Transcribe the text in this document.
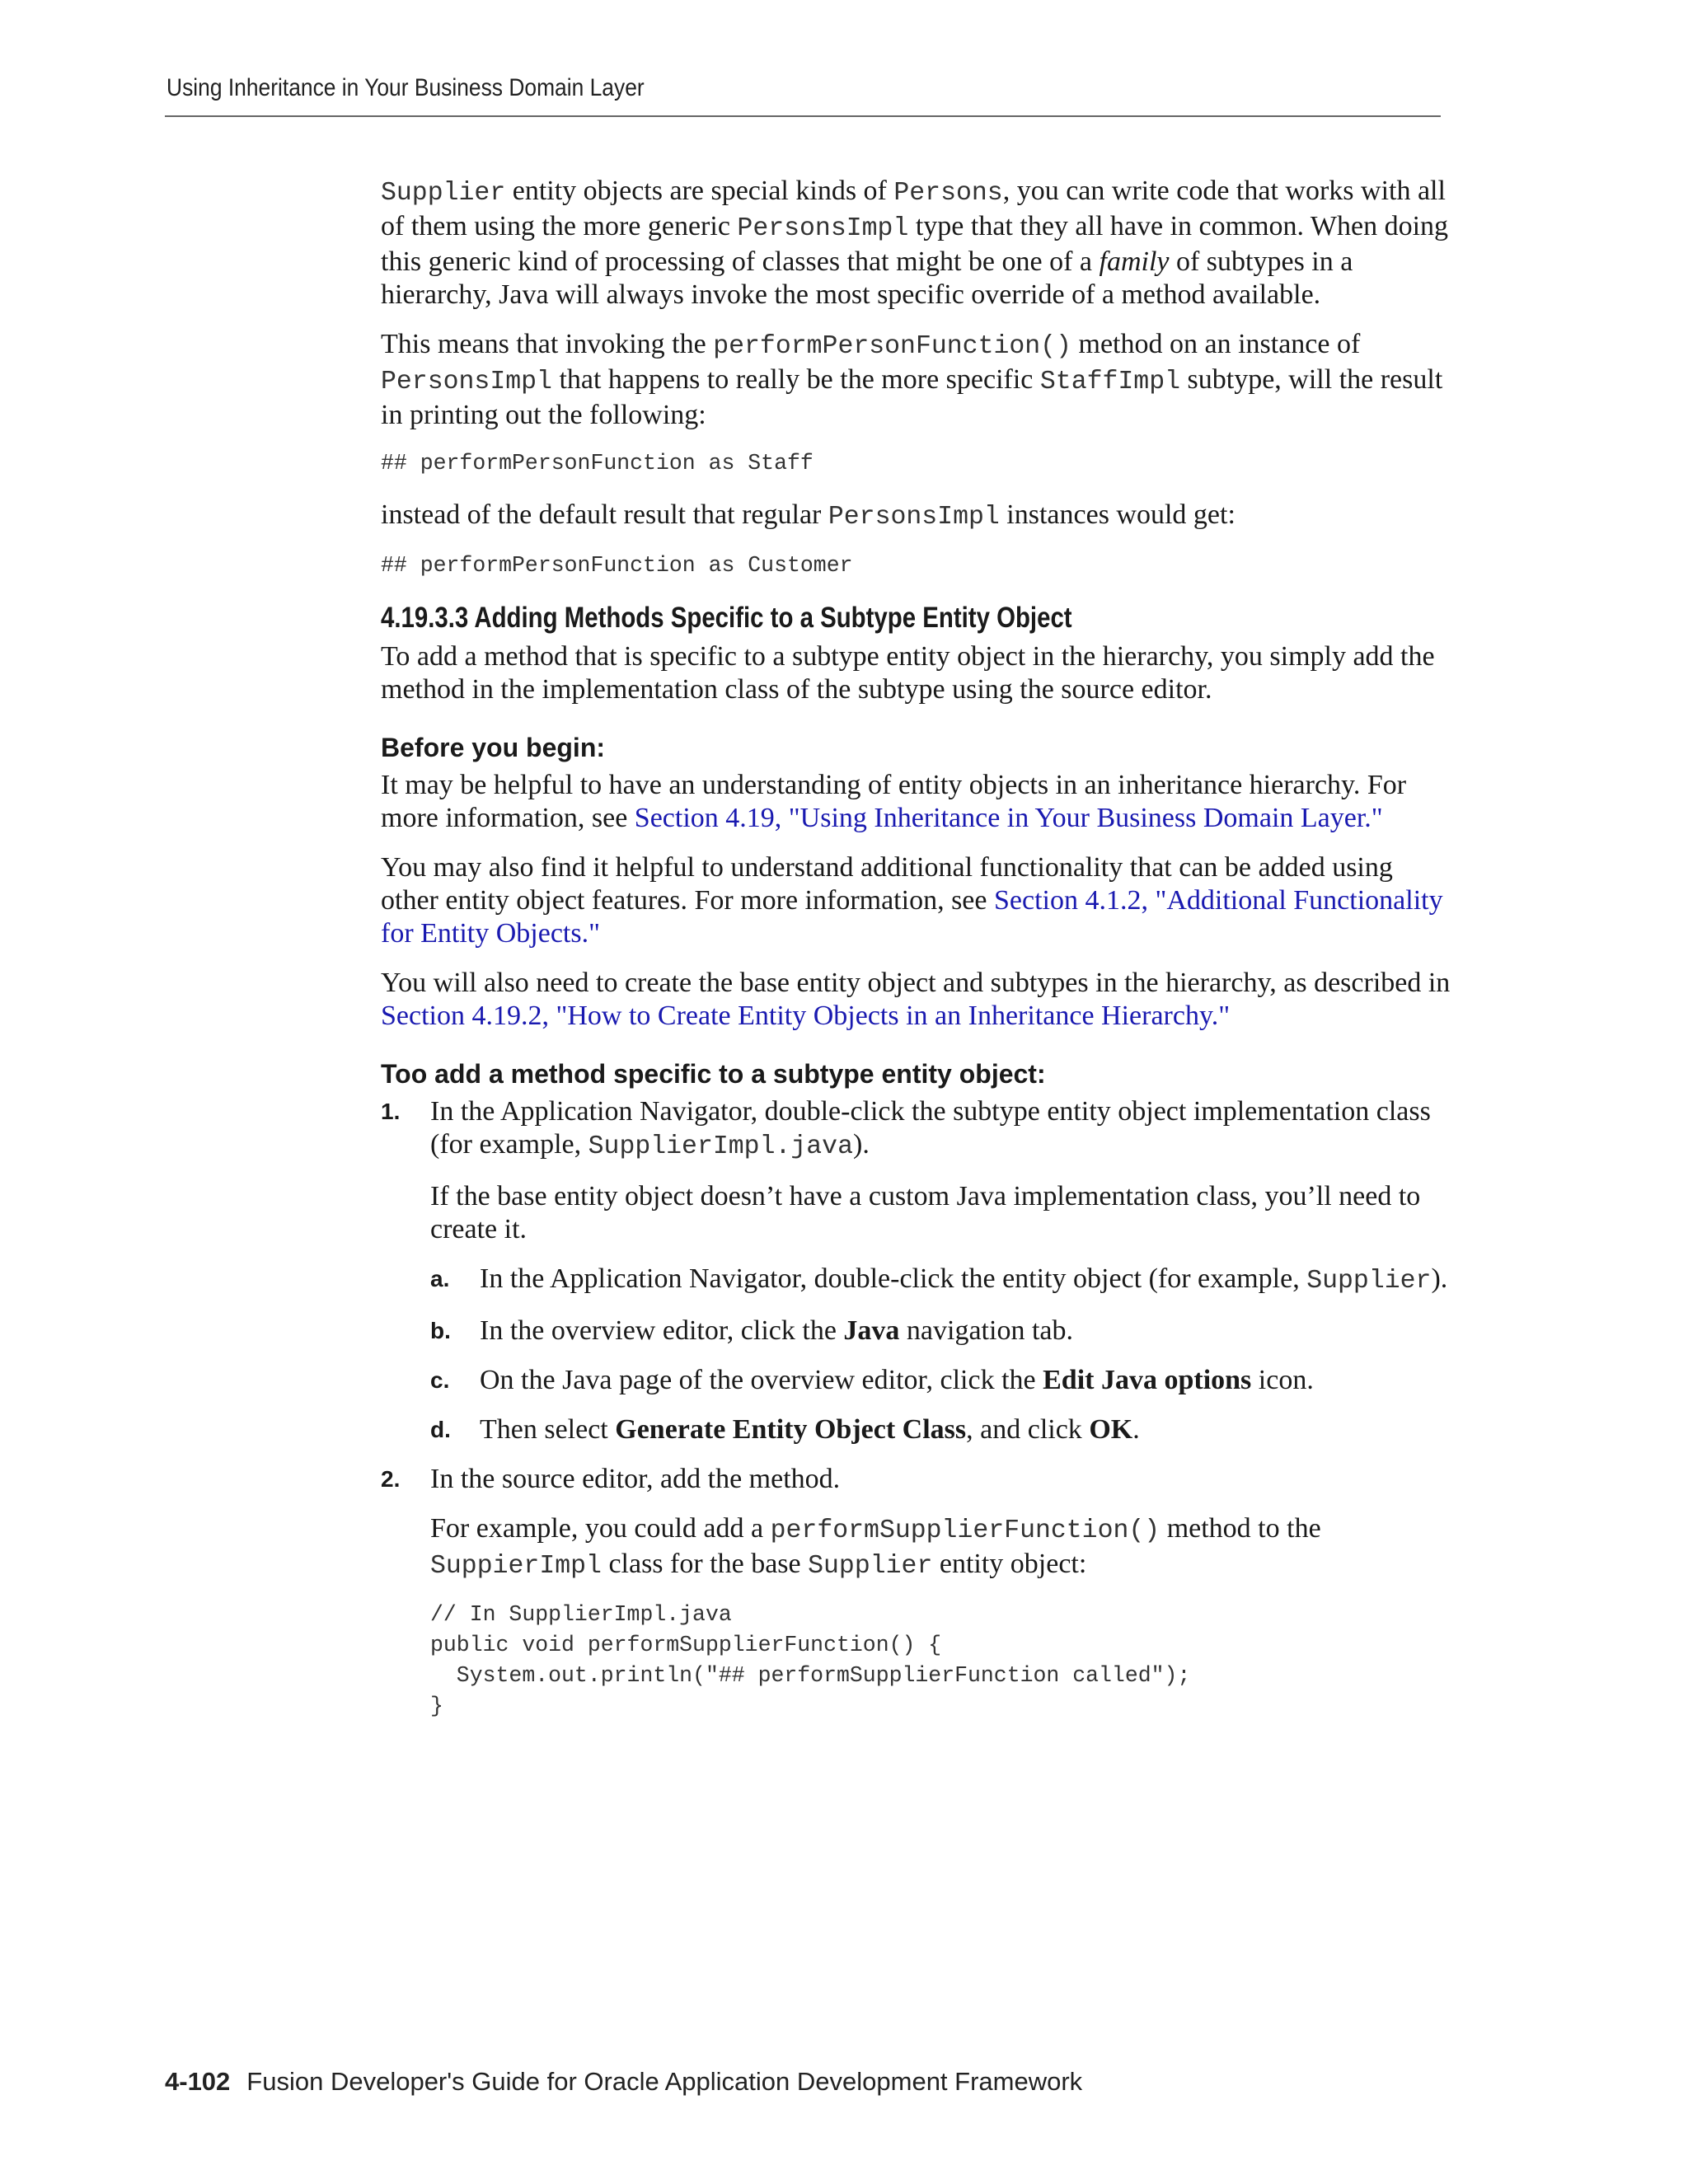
Using Inheritance in Your Business Domain Layer

Supplier entity objects are special kinds of Persons, you can write code that works with all of them using the more generic PersonsImpl type that they all have in common. When doing this generic kind of processing of classes that might be one of a family of subtypes in a hierarchy, Java will always invoke the most specific override of a method available.

This means that invoking the performPersonFunction() method on an instance of PersonsImpl that happens to really be the more specific StaffImpl subtype, will the result in printing out the following:

## performPersonFunction as Staff

instead of the default result that regular PersonsImpl instances would get:

## performPersonFunction as Customer
4.19.3.3 Adding Methods Specific to a Subtype Entity Object

To add a method that is specific to a subtype entity object in the hierarchy, you simply add the method in the implementation class of the subtype using the source editor.

Before you begin:

It may be helpful to have an understanding of entity objects in an inheritance hierarchy. For more information, see Section 4.19, "Using Inheritance in Your Business Domain Layer."

You may also find it helpful to understand additional functionality that can be added using other entity object features. For more information, see Section 4.1.2, "Additional Functionality for Entity Objects."

You will also need to create the base entity object and subtypes in the hierarchy, as described in Section 4.19.2, "How to Create Entity Objects in an Inheritance Hierarchy."

Too add a method specific to a subtype entity object:
1. In the Application Navigator, double-click the subtype entity object implementation class (for example, SupplierImpl.java).

If the base entity object doesn’t have a custom Java implementation class, you’ll need to create it.

a. In the Application Navigator, double-click the entity object (for example, Supplier).

b. In the overview editor, click the Java navigation tab.

c. On the Java page of the overview editor, click the Edit Java options icon.

d. Then select Generate Entity Object Class, and click OK.

2. In the source editor, add the method.

For example, you could add a performSupplierFunction() method to the SuppierImpl class for the base Supplier entity object:

// In SupplierImpl.java
public void performSupplierFunction() {
System.out.println("## performSupplierFunction called");
}
4-102 Fusion Developer's Guide for Oracle Application Development Framework
